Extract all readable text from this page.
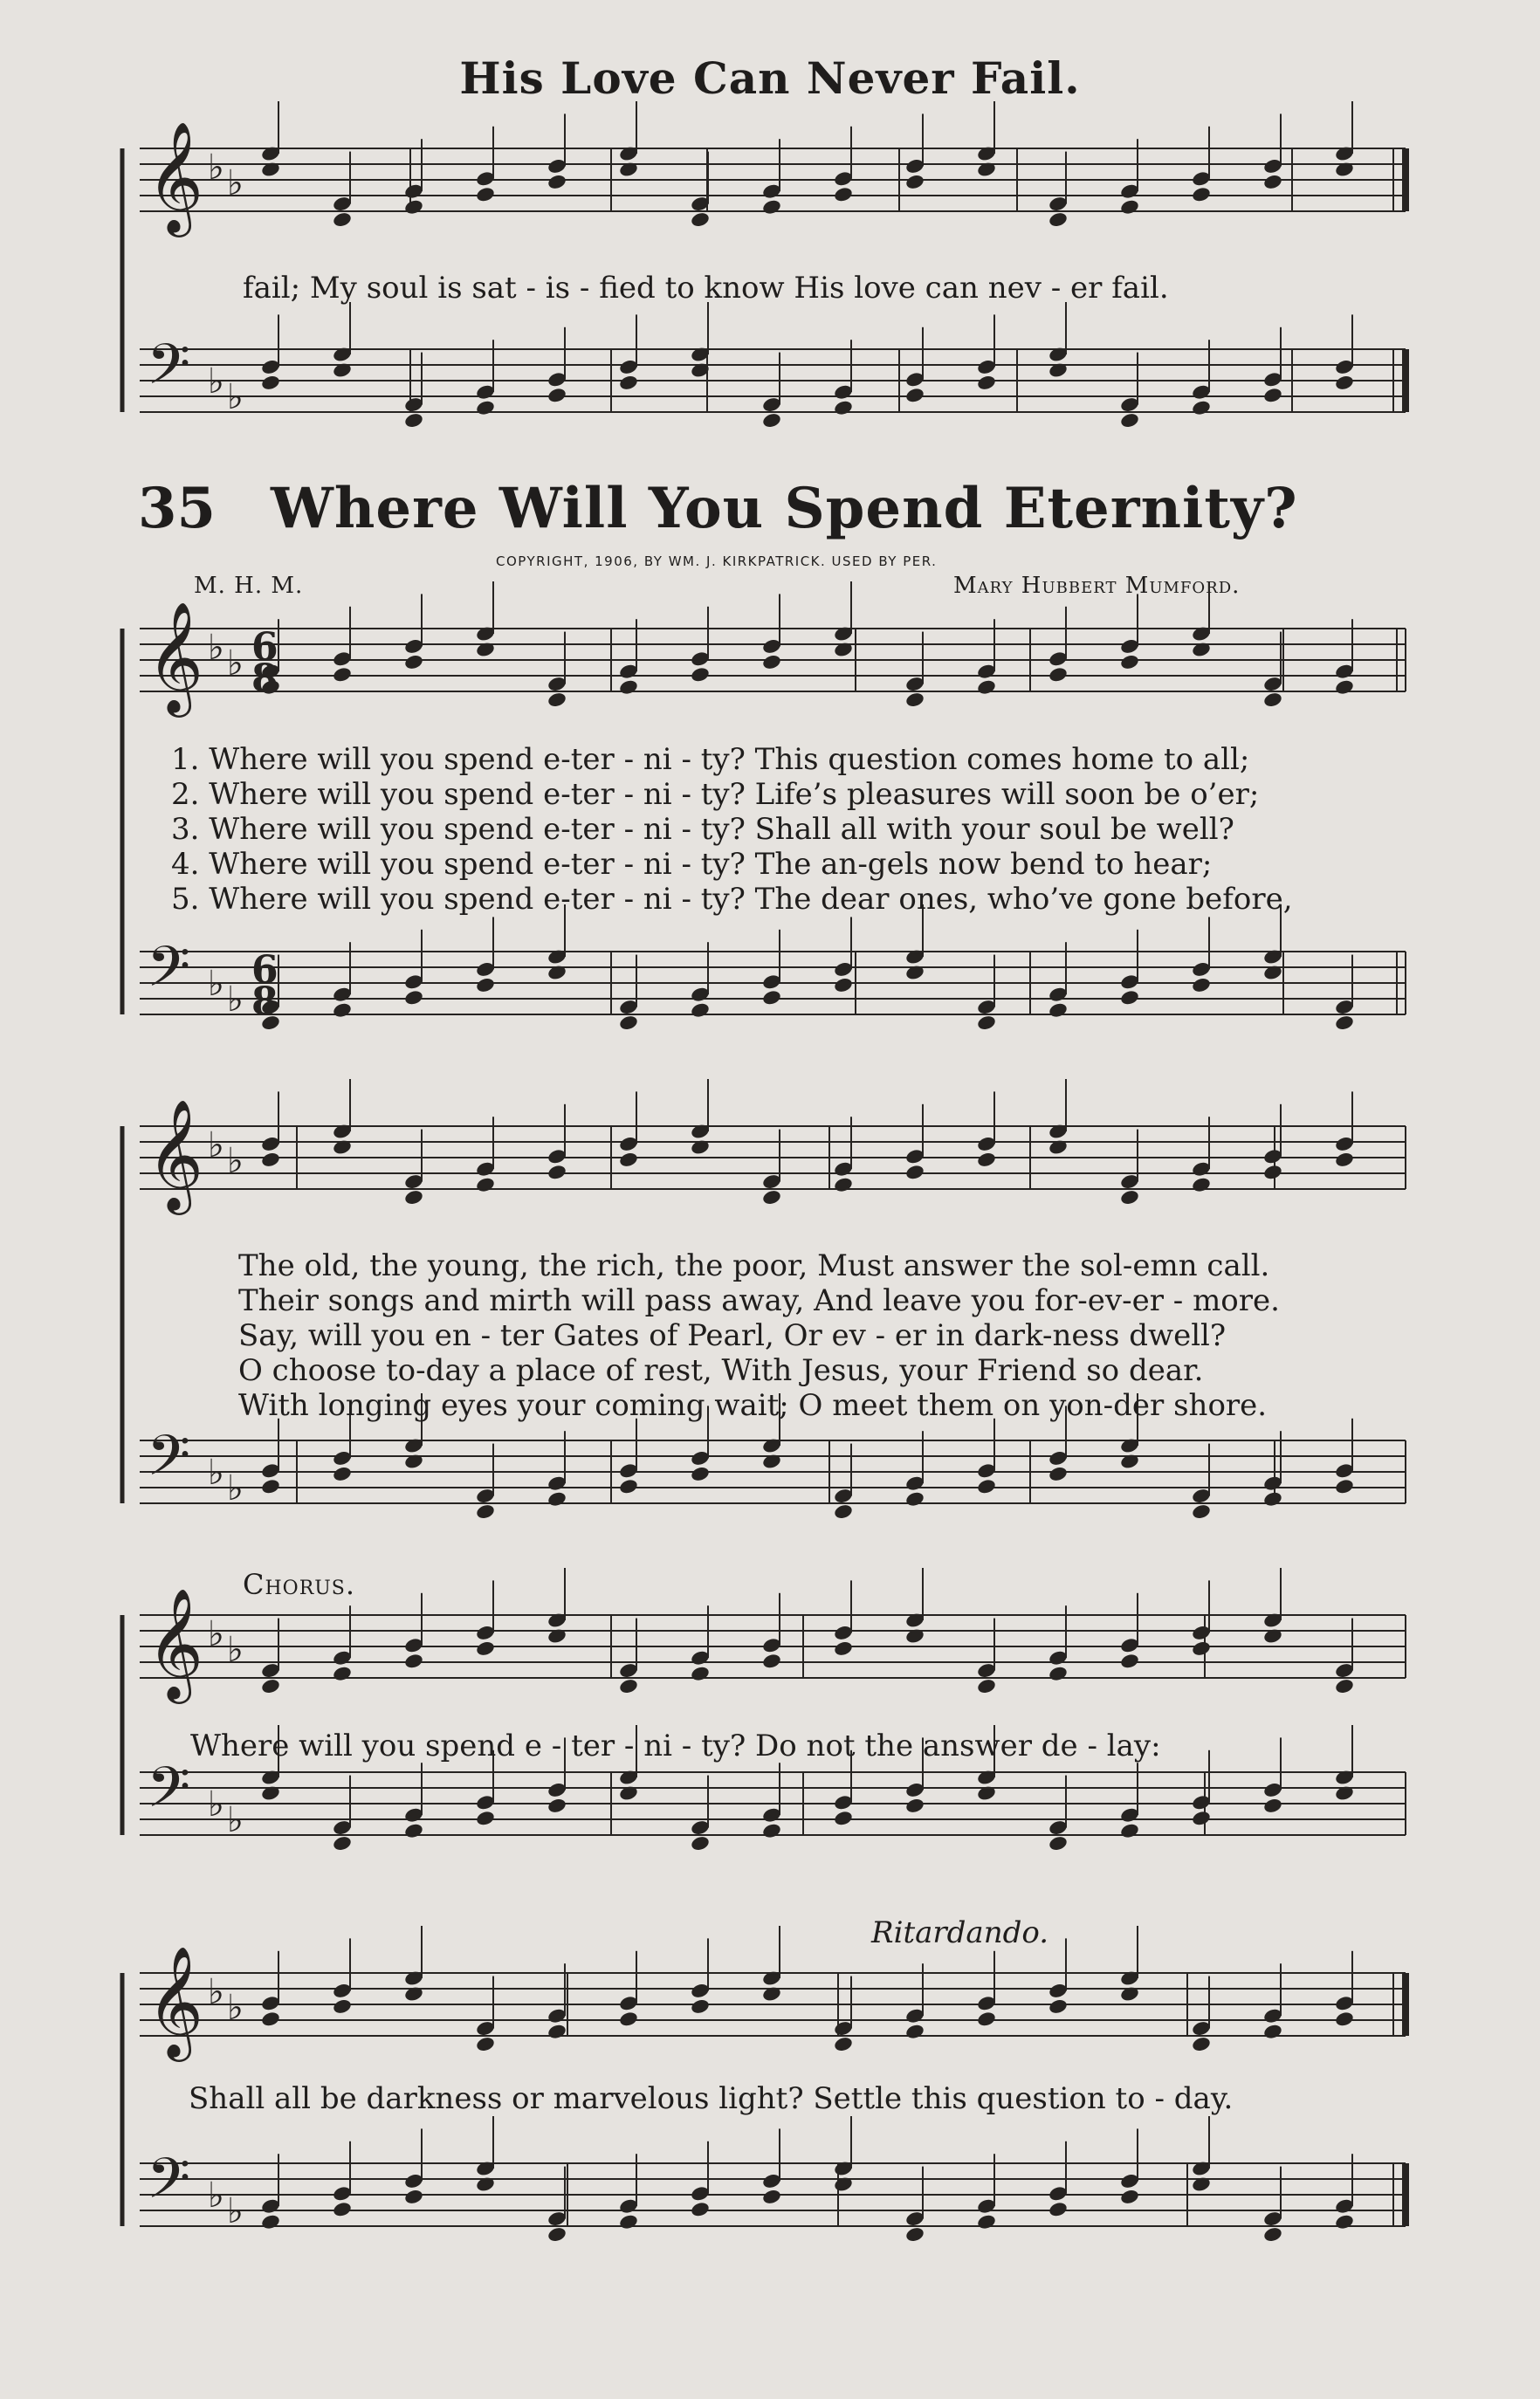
His Love Can Never Fail.
35 Where Will You Spend Eternity?
COPYRIGHT, 1906, BY WM. J. KIRKPATRICK. USED BY PER.
M. H. M.	Mary Hubbert Mumford.
𝄞 ♭ ♭
𝄢 ♭ ♭
𝄞 ♭ ♭
𝄢 ♭ ♭
𝄞 ♭ ♭
𝄢 ♭ ♭
𝄞 ♭ ♭
𝄢 ♭ ♭
𝄞 ♭ ♭
𝄢 ♭ ♭
6
8
6
8
fail; My soul is sat - is - fied to know His love can nev - er fail.
1. Where will you spend e-ter - ni - ty? This question comes home to all;
2. Where will you spend e-ter - ni - ty? Life’s pleasures will soon be o’er;
3. Where will you spend e-ter - ni - ty? Shall all with your soul be well?
4. Where will you spend e-ter - ni - ty? The an-gels now bend to hear;
5. Where will you spend e-ter - ni - ty? The dear ones, who’ve gone before,
The old, the young, the rich, the poor, Must answer the sol-emn call.
Their songs and mirth will pass away, And leave you for-ev-er - more.
Say, will you en - ter Gates of Pearl, Or ev - er in dark-ness dwell?
O choose to-day a place of rest, With Jesus, your Friend so dear.
With longing eyes your coming wait; O meet them on yon-der shore.
Chorus.
Where will you spend e - ter - ni - ty? Do not the answer de - lay:
Ritardando.
Shall all be darkness or marvelous light? Settle this question to - day.
